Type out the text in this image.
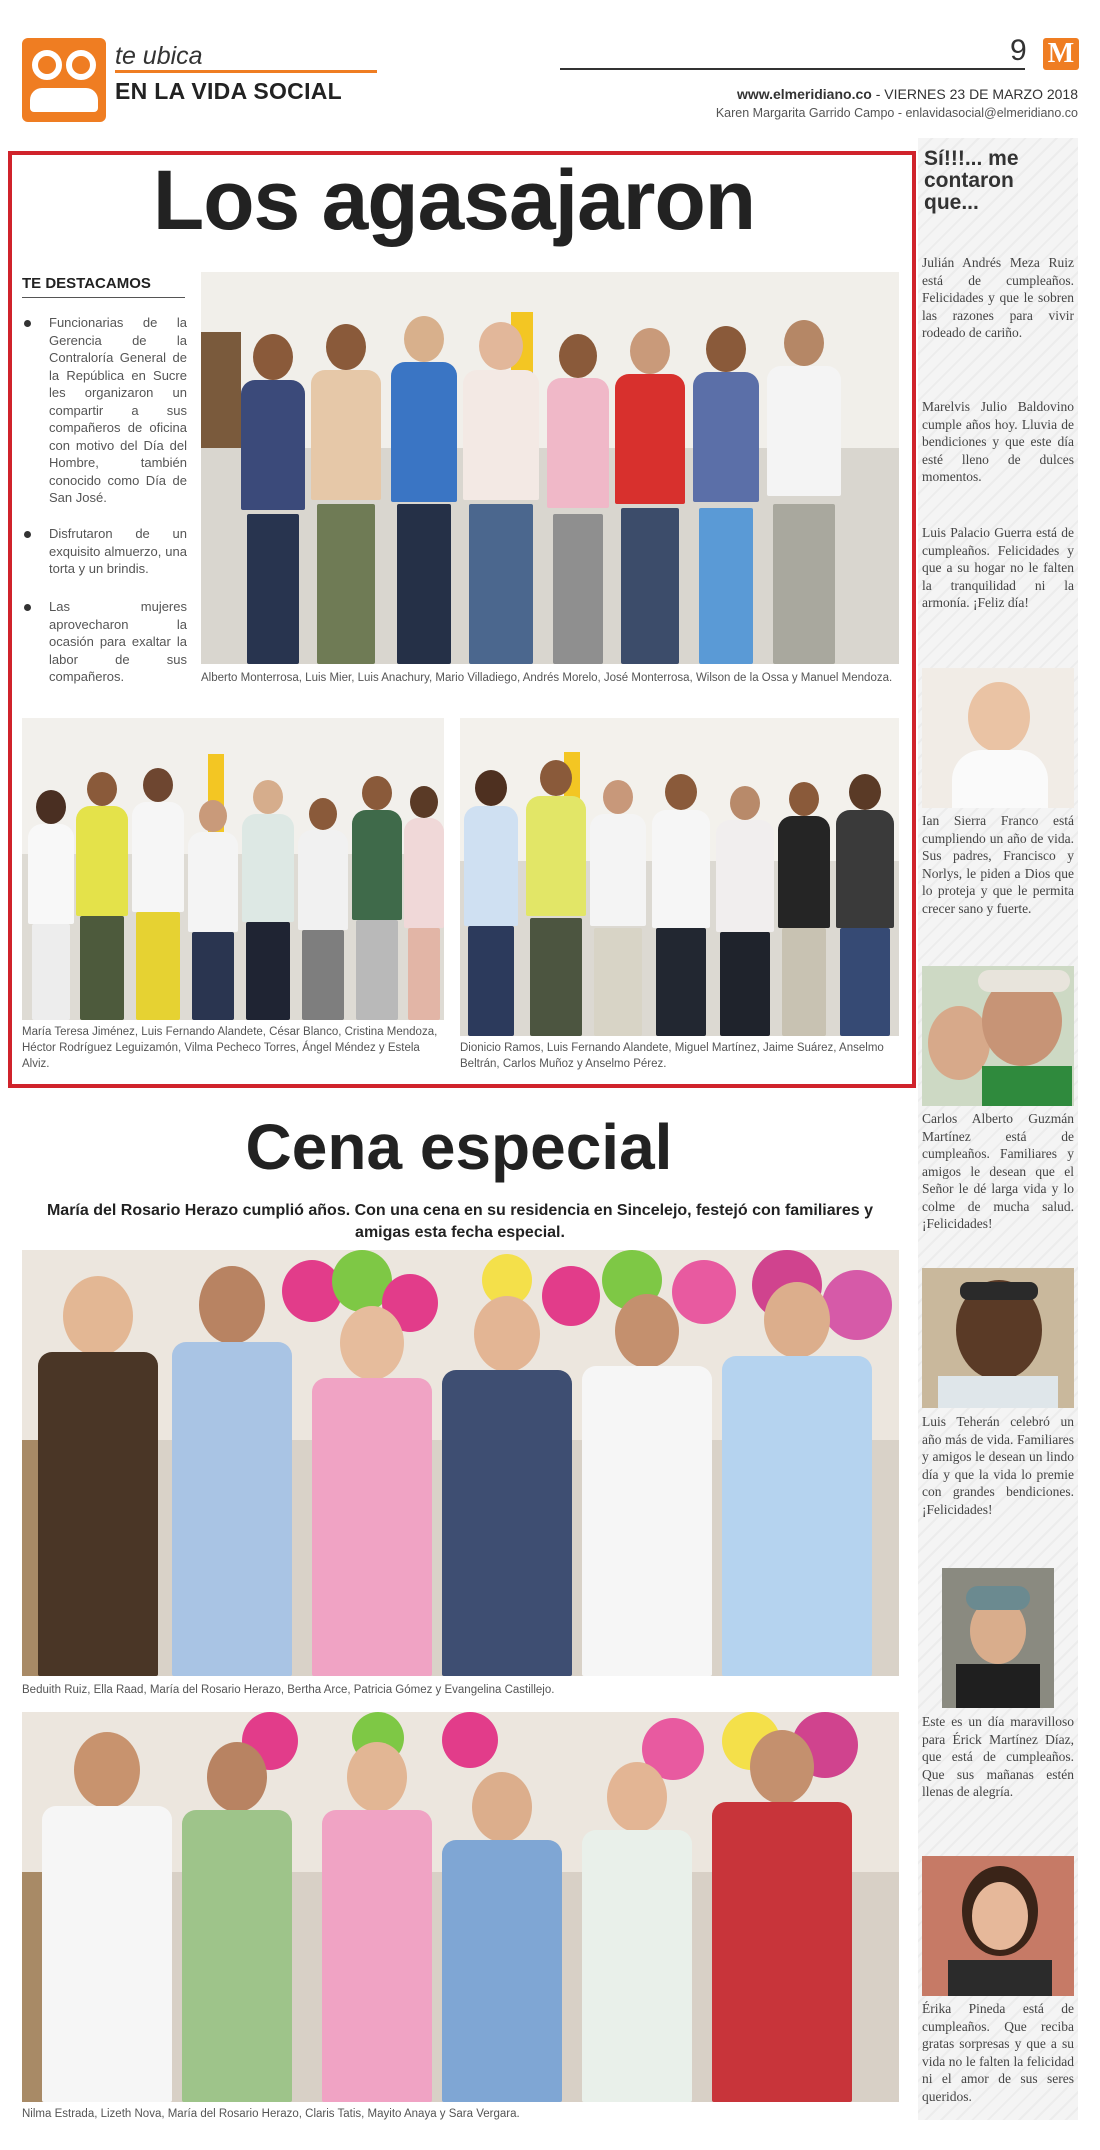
te ubica
EN LA VIDA SOCIAL
9 M
www.elmeridiano.co - VIERNES 23 DE MARZO 2018
Karen Margarita Garrido Campo - enlavidasocial@elmeridiano.co
Los agasajaron
TE DESTACAMOS
Funcionarias de la Gerencia de la Contraloría General de la República en Sucre les organizaron un compartir a sus compañeros de oficina con motivo del Día del Hombre, también conocido como Día de San José.
Disfrutaron de un exquisito almuerzo, una torta y un brindis.
Las mujeres aprovecharon la ocasión para exaltar la labor de sus compañeros.	Alberto Monterrosa, Luis Mier, Luis Anachury, Mario Villadiego, Andrés Morelo, José Monterrosa, Wilson de la Ossa y Manuel Mendoza.
María Teresa Jiménez, Luis Fernando Alandete, César Blanco, Cristina Mendoza, Héctor Rodríguez Leguizamón, Vilma Pecheco Torres, Ángel Méndez y Estela Alviz.
Dionicio Ramos, Luis Fernando Alandete, Miguel Martínez, Jaime Suárez, Anselmo Beltrán, Carlos Muñoz y Anselmo Pérez.
Cena especial
María del Rosario Herazo cumplió años. Con una cena en su residencia en Sincelejo, festejó con familiares y amigas esta fecha especial.
Beduith Ruiz, Ella Raad, María del Rosario Herazo, Bertha Arce, Patricia Gómez y Evangelina Castillejo.
Nilma Estrada, Lizeth Nova, María del Rosario Herazo, Claris Tatis, Mayito Anaya y Sara Vergara.
Sí!!!... me contaron que...
Julián Andrés Meza Ruiz está de cumpleaños. Felicidades y que le sobren las razones para vivir rodeado de cariño.
Marelvis Julio Baldovino cumple años hoy. Lluvia de bendiciones y que este día esté lleno de dulces momentos.
Luis Palacio Guerra está de cumpleaños. Felicidades y que a su hogar no le falten la tranquilidad ni la armonía. ¡Feliz día!
Ian Sierra Franco está cumpliendo un año de vida. Sus padres, Francisco y Norlys, le piden a Dios que lo proteja y que le permita crecer sano y fuerte.
Carlos Alberto Guzmán Martínez está de cumpleaños. Familiares y amigos le desean que el Señor le dé larga vida y lo colme de mucha salud. ¡Felicidades!
Luis Teherán celebró un año más de vida. Familiares y amigos le desean un lindo día y que la vida lo premie con grandes bendiciones. ¡Felicidades!
Este es un día maravilloso para Érick Martínez Díaz, que está de cumpleaños. Que sus mañanas estén llenas de alegría.
Érika Pineda está de cumpleaños. Que reciba gratas sorpresas y que a su vida no le falten la felicidad ni el amor de sus seres queridos.
